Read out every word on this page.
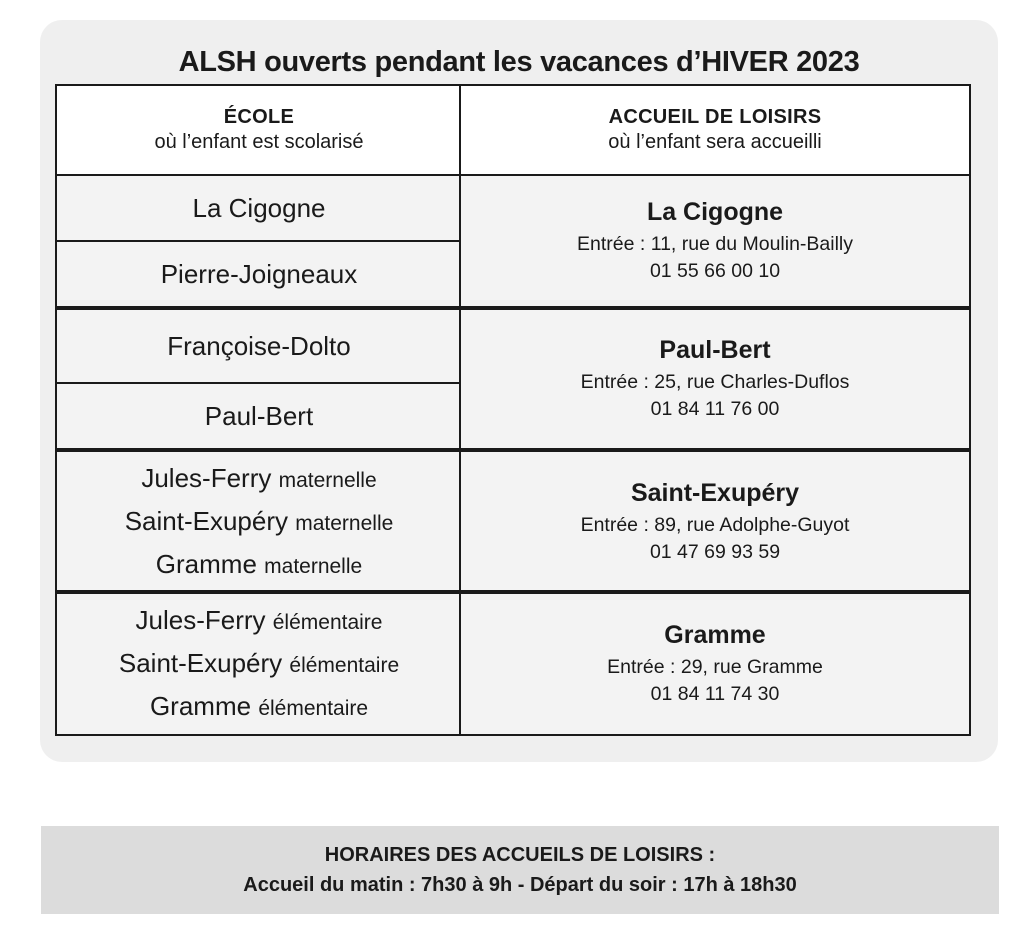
ALSH ouverts pendant les vacances d’HIVER 2023
ÉCOLE
où l’enfant est scolarisé
ACCUEIL DE LOISIRS
où l’enfant sera accueilli
La Cigogne
Pierre-Joigneaux
La Cigogne
Entrée : 11, rue du Moulin-Bailly
01 55 66 00 10
Françoise-Dolto
Paul-Bert
Paul-Bert
Entrée : 25, rue Charles-Duflos
01 84 11 76 00
Jules-Ferry maternelle
Saint-Exupéry maternelle
Gramme maternelle
Saint-Exupéry
Entrée : 89, rue Adolphe-Guyot
01 47 69 93 59
Jules-Ferry élémentaire
Saint-Exupéry élémentaire
Gramme élémentaire
Gramme
Entrée : 29, rue Gramme
01 84 11 74 30
HORAIRES DES ACCUEILS DE LOISIRS :
Accueil du matin : 7h30 à 9h - Départ du soir : 17h à 18h30
